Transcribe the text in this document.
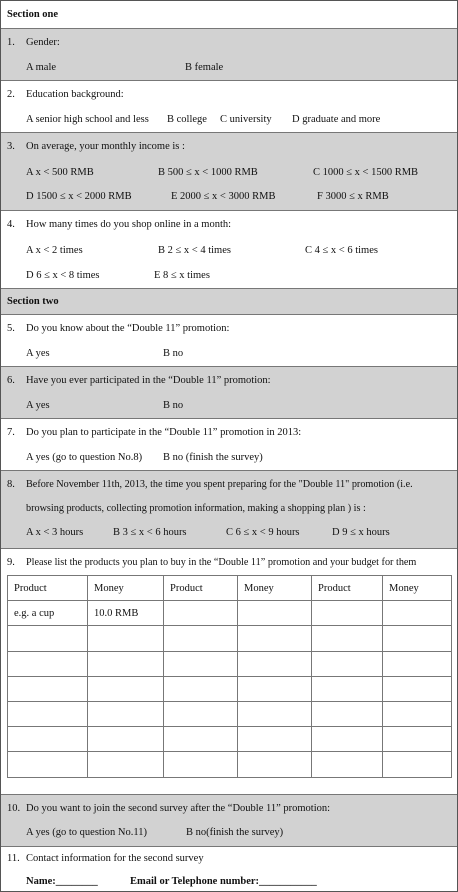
Section one
1. Gender:
A male	B female
2. Education background:
A senior high school and less B college C university D graduate and more
3. On average, your monthly income is :
A x < 500 RMB	B 500 ≤ x < 1000 RMB	C 1000 ≤ x < 1500 RMB
D 1500 ≤ x < 2000 RMB	E 2000 ≤ x < 3000 RMB	F 3000 ≤ x RMB
4. How many times do you shop online in a month:
A x < 2 times	B 2 ≤ x < 4 times	C 4 ≤ x < 6 times
D 6 ≤ x < 8 times	E 8 ≤ x times
Section two
5. Do you know about the “Double 11” promotion:
A yes	B no
6. Have you ever participated in the “Double 11” promotion:
A yes	B no
7. Do you plan to participate in the “Double 11” promotion in 2013:
A yes (go to question No.8) B no (finish the survey)
8. Before November 11th, 2013, the time you spent preparing for the "Double 11" promotion (i.e.
browsing products, collecting promotion information, making a shopping plan ) is :
A x < 3 hours	B 3 ≤ x < 6 hours	C 6 ≤ x < 9 hours	D 9 ≤ x hours
9. Please list the products you plan to buy in the “Double 11” promotion and your budget for them
Product	Money	Product	Money	Product	Money
e.g. a cup	10.0 RMB				

10. Do you want to join the second survey after the “Double 11” promotion:
A yes (go to question No.11)	B no(finish the survey)
11. Contact information for the second survey
Name:________	Email or Telephone number:___________
